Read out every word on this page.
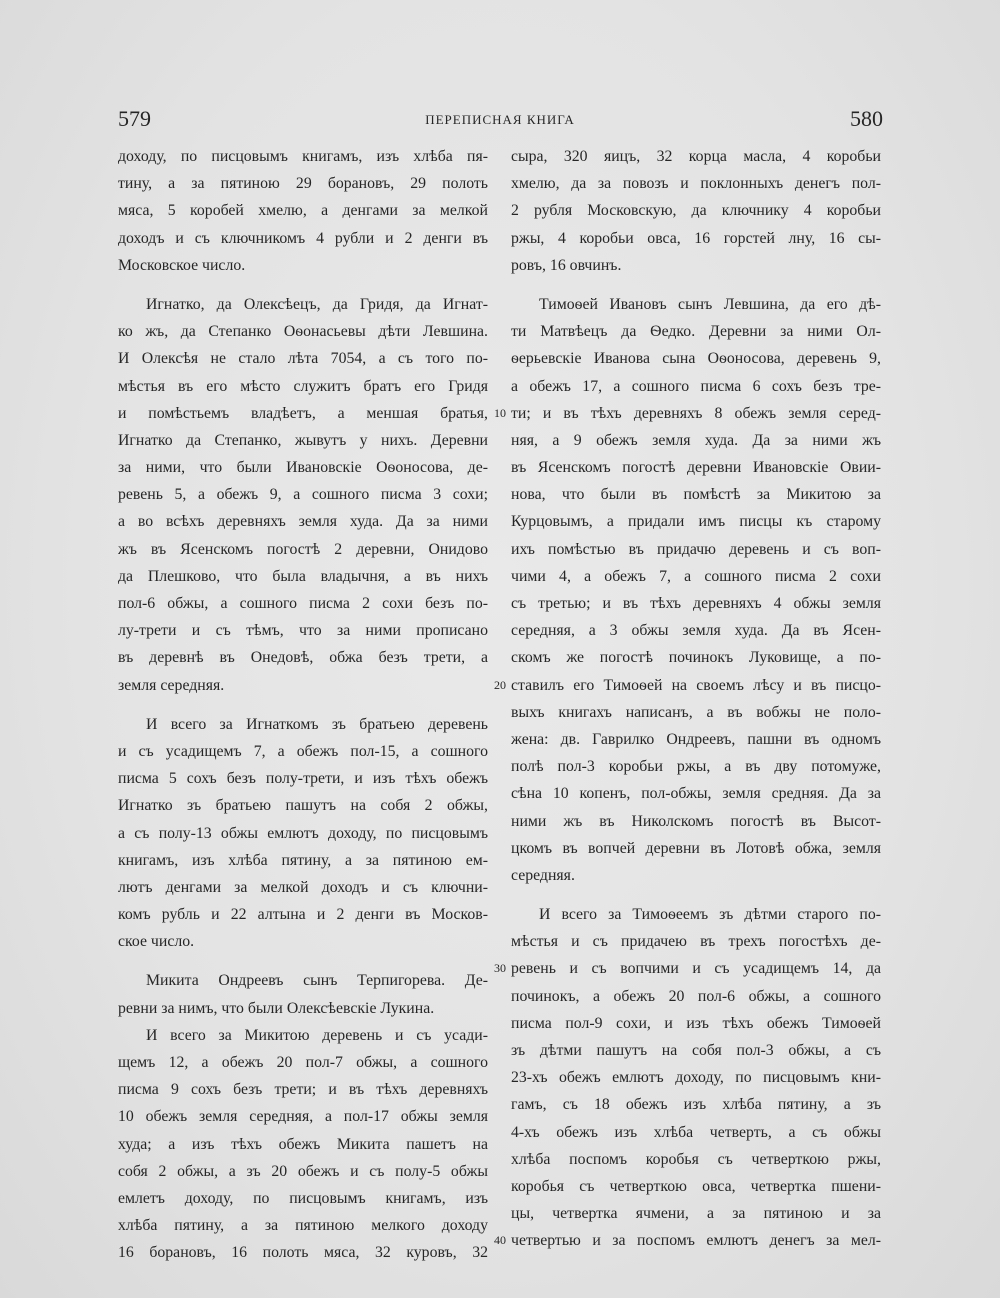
579	ПЕРЕПИСНАЯ КНИГА	580
доходу, по писцовымъ книгамъ, изъ хлѣба пя-
тину, а за пятиною 29 борановъ, 29 полоть
мяса, 5 коробей хмелю, а денгами за мелкой
доходъ и съ ключникомъ 4 рубли и 2 денги въ
Московское число.
Игнатко, да Олексѣецъ, да Гридя, да Игнат-
ко жъ, да Степанко Оѳонасьевы дѣти Левшина.
И Олексѣя не стало лѣта 7054, а съ того по-
мѣстья въ его мѣсто служитъ братъ его Гридя
и помѣстьемъ владѣетъ, а меншая братья,
Игнатко да Степанко, жывутъ у нихъ. Деревни
за ними, что были Ивановскіе Оѳоносова, де-
ревень 5, а обежъ 9, а сошного писма 3 сохи;
а во всѣхъ деревняхъ земля худа. Да за ними
жъ въ Ясенскомъ погостѣ 2 деревни, Онидово
да Плешково, что была владычня, а въ нихъ
пол-6 обжы, а сошного писма 2 сохи безъ по-
лу-трети и съ тѣмъ, что за ними прописано
въ деревнѣ въ Онедовѣ, обжа безъ трети, а
земля середняя.
И всего за Игнаткомъ зъ братьею деревень
и съ усадищемъ 7, а обежъ пол-15, а сошного
писма 5 сохъ безъ полу-трети, и изъ тѣхъ обежъ
Игнатко зъ братьею пашутъ на собя 2 обжы,
а съ полу-13 обжы емлютъ доходу, по писцовымъ
книгамъ, изъ хлѣба пятину, а за пятиною ем-
лютъ денгами за мелкой доходъ и съ ключни-
комъ рубль и 22 алтына и 2 денги въ Москов-
ское число.
Микита Ондреевъ сынъ Терпигорева. Де-
ревни за нимъ, что были Олексѣевскіе Лукина.
И всего за Микитою деревень и съ усади-
щемъ 12, а обежъ 20 пол-7 обжы, а сошного
писма 9 сохъ безъ трети; и въ тѣхъ деревняхъ
10 обежъ земля середняя, а пол-17 обжы земля
худа; а изъ тѣхъ обежъ Микита пашетъ на
собя 2 обжы, а зъ 20 обежъ и съ полу-5 обжы
емлетъ доходу, по писцовымъ книгамъ, изъ
хлѣба пятину, а за пятиною мелкого доходу
16 борановъ, 16 полоть мяса, 32 куровъ, 32
сыра, 320 яицъ, 32 корца масла, 4 коробьи
хмелю, да за повозъ и поклонныхъ денегъ пол-
2 рубля Московскую, да ключнику 4 коробьи
ржы, 4 коробьи овса, 16 горстей лну, 16 сы-
ровъ, 16 овчинъ.
Тимоѳей Ивановъ сынъ Левшина, да его дѣ-
ти Матвѣецъ да Ѳедко. Деревни за ними Ол-
ѳерьевскіе Иванова сына Оѳоносова, деревень 9,
а обежъ 17, а сошного писма 6 сохъ безъ тре-
ти; и въ тѣхъ деревняхъ 8 обежъ земля серед-
няя, а 9 обежъ земля худа. Да за ними жъ
въ Ясенскомъ погостѣ деревни Ивановскіе Овии-
нова, что были въ помѣстѣ за Микитою за
Курцовымъ, а придали имъ писцы къ старому
ихъ помѣстью въ придачю деревень и съ воп-
чими 4, а обежъ 7, а сошного писма 2 сохи
съ третью; и въ тѣхъ деревняхъ 4 обжы земля
середняя, а 3 обжы земля худа. Да въ Ясен-
скомъ же погостѣ починокъ Луковище, а по-
ставилъ его Тимоѳей на своемъ лѣсу и въ писцо-
выхъ книгахъ написанъ, а въ вобжы не поло-
жена: дв. Гаврилко Ондреевъ, пашни въ одномъ
полѣ пол-3 коробьи ржы, а въ дву потомуже,
сѣна 10 копенъ, пол-обжы, земля средняя. Да за
ними жъ въ Николскомъ погостѣ въ Высот-
цкомъ въ вопчей деревни въ Лотовѣ обжа, земля
середняя.
И всего за Тимоѳеемъ зъ дѣтми старого по-
мѣстья и съ придачею въ трехъ погостѣхъ де-
ревень и съ вопчими и съ усадищемъ 14, да
починокъ, а обежъ 20 пол-6 обжы, а сошного
писма пол-9 сохи, и изъ тѣхъ обежъ Тимоѳей
зъ дѣтми пашутъ на собя пол-3 обжы, а съ
23-хъ обежъ емлютъ доходу, по писцовымъ кни-
гамъ, съ 18 обежъ изъ хлѣба пятину, а зъ
4-хъ обежъ изъ хлѣба четверть, а съ обжы
хлѣба поспомъ коробья съ четверткою ржы,
коробья съ четверткою овса, четвертка пшени-
цы, четвертка ячмени, а за пятиною и за
четвертью и за поспомъ емлютъ денегъ за мел-
10
20
30
40
